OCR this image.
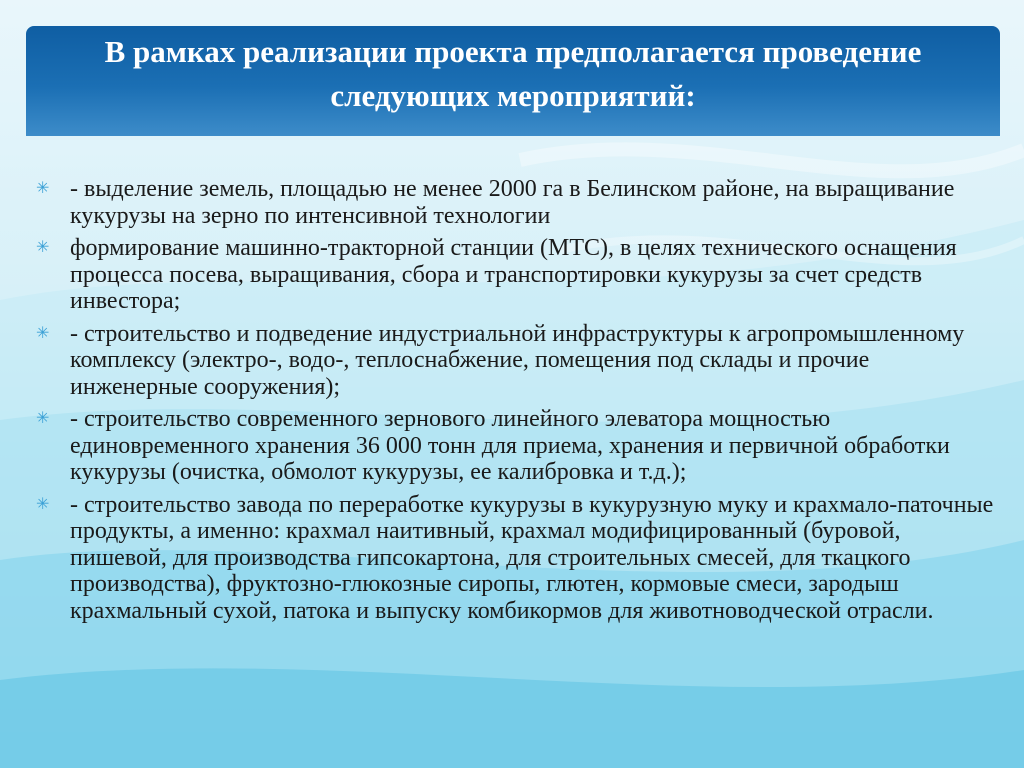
В рамках реализации проекта предполагается проведение следующих мероприятий:
✳ - выделение земель, площадью не менее 2000 га в Белинском районе, на выращивание кукурузы на зерно по интенсивной технологии
✳ формирование машинно-тракторной станции (МТС), в целях технического оснащения процесса посева, выращивания, сбора и транспортировки кукурузы за счет средств инвестора;
✳ - строительство и подведение индустриальной инфраструктуры к агропромышленному комплексу (электро-, водо-, теплоснабжение, помещения под склады и прочие инженерные сооружения);
✳ - строительство современного зернового линейного элеватора мощностью единовременного хранения 36 000 тонн для приема, хранения и первичной обработки кукурузы (очистка, обмолот кукурузы, ее калибровка и т.д.);
✳ - строительство завода по переработке кукурузы в кукурузную муку и крахмало-паточные продукты, а именно: крахмал наитивный, крахмал модифицированный (буровой, пишевой, для производства гипсокартона, для строительных смесей, для ткацкого производства), фруктозно-глюкозные сиропы, глютен, кормовые смеси, зародыш крахмальный сухой, патока и выпуску комбикормов для животноводческой отрасли.
